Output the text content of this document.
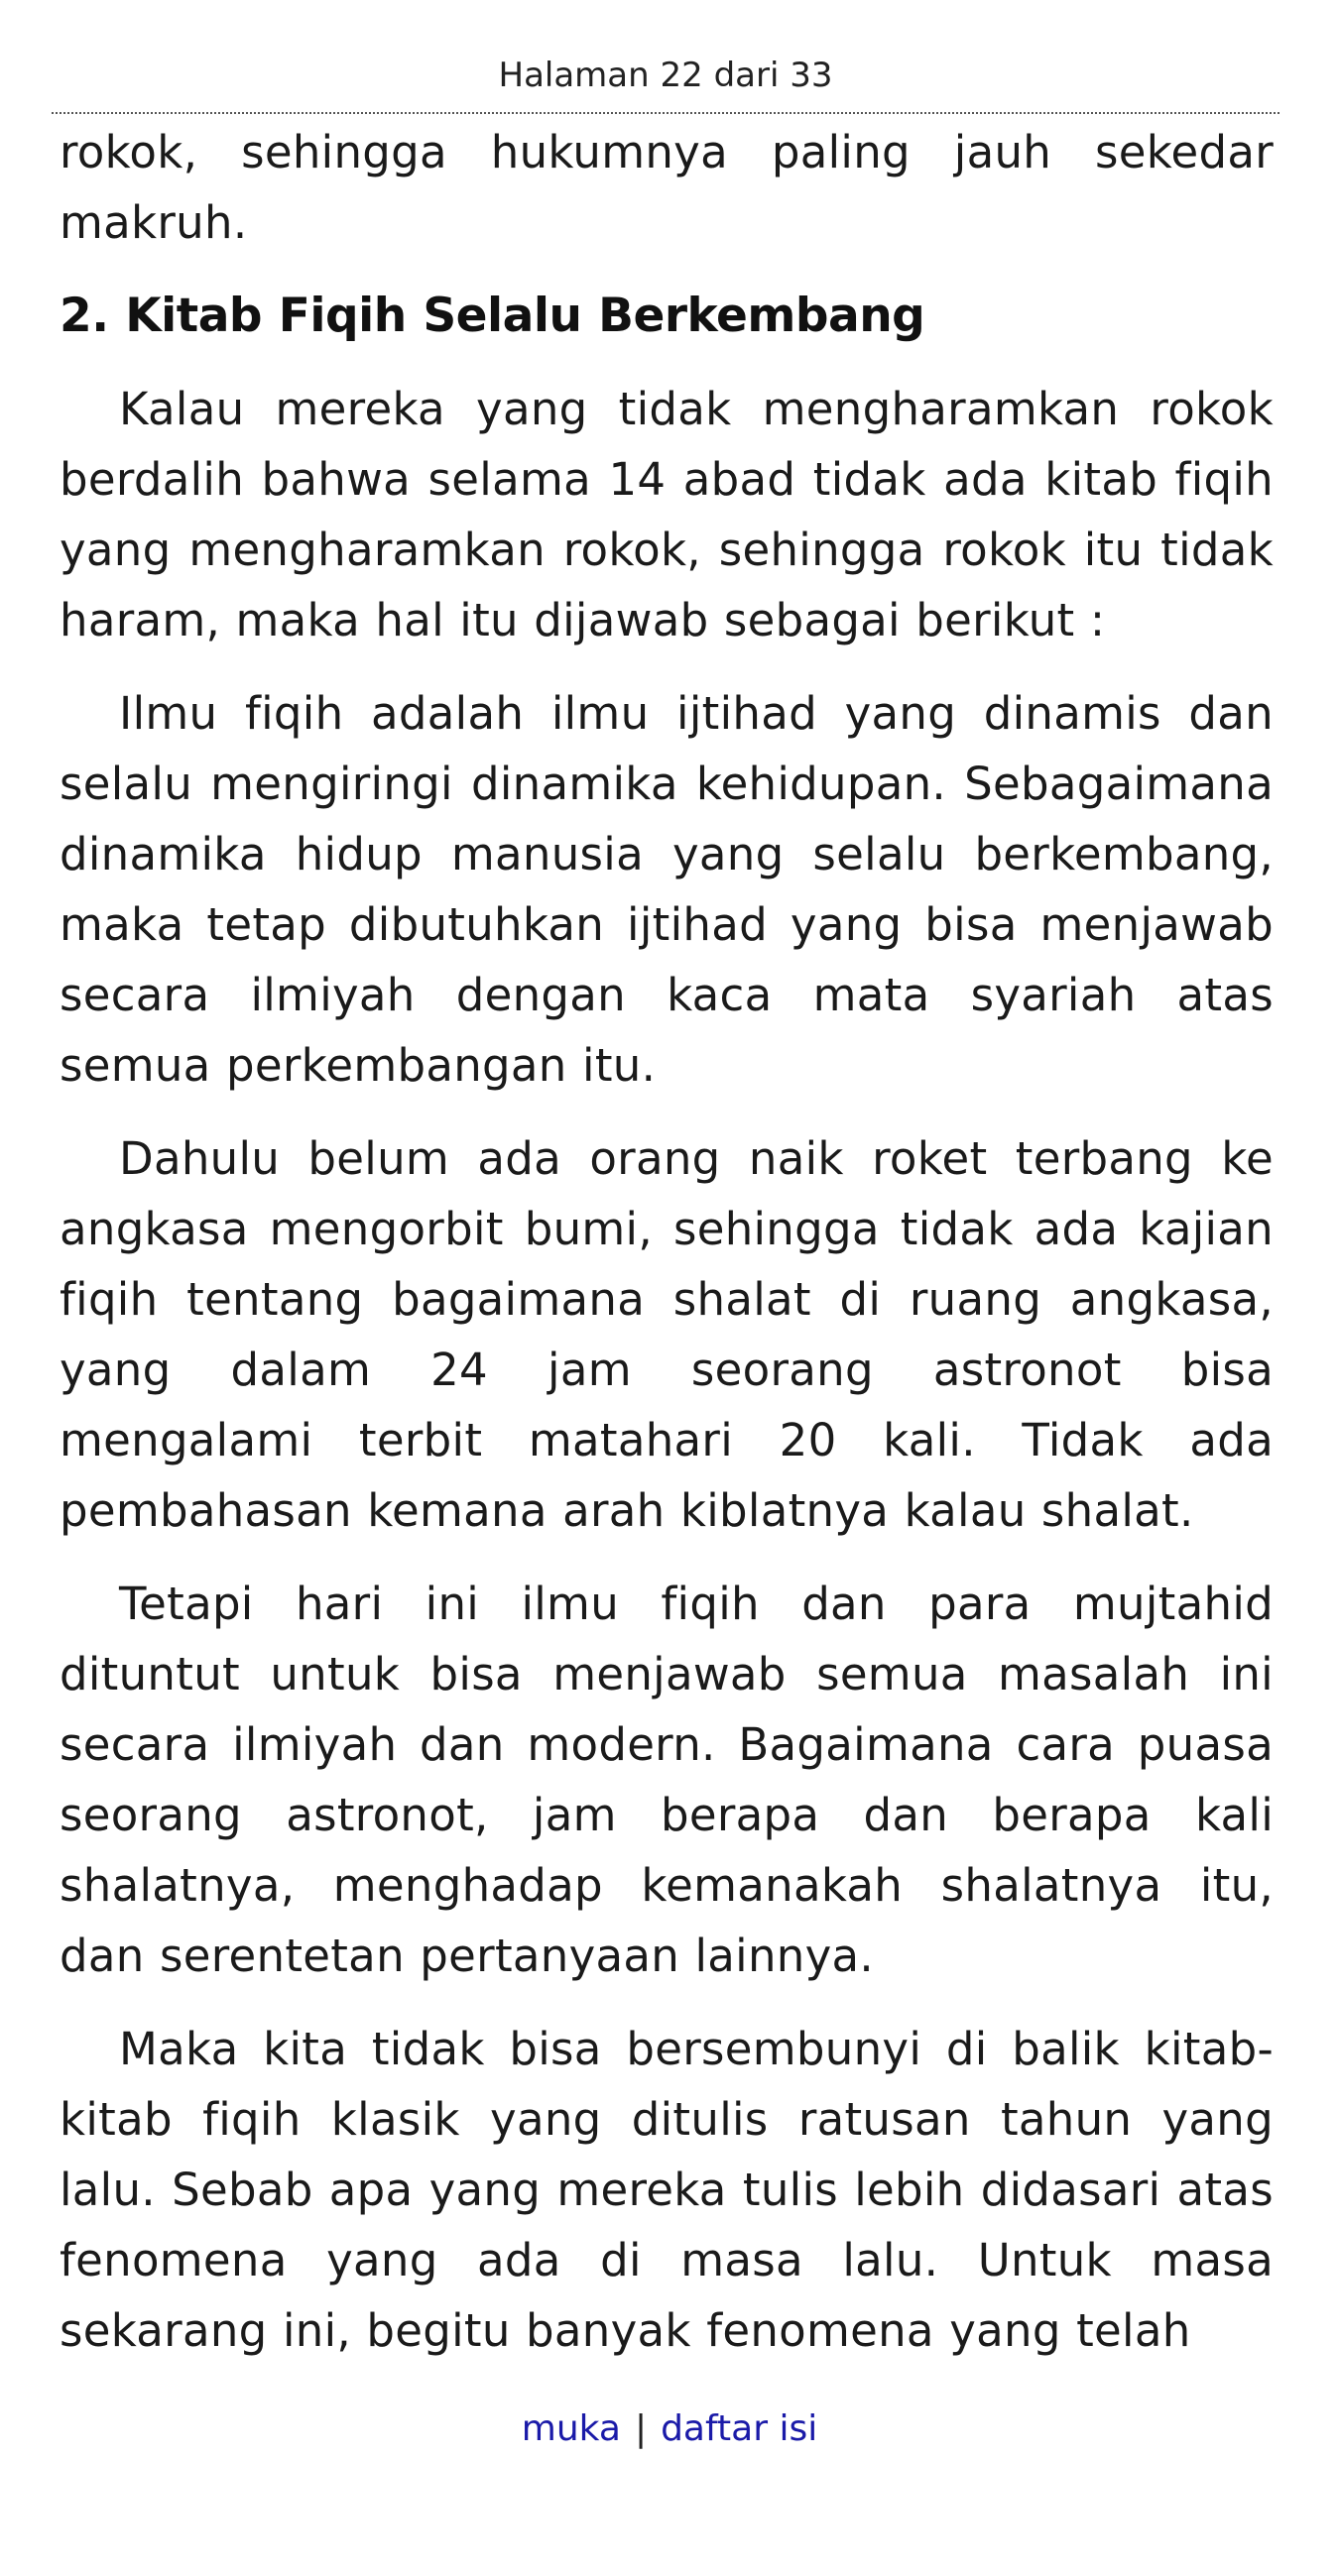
Halaman 22 dari 33

rokok, sehingga hukumnya paling jauh sekedar makruh.

2. Kitab Fiqih Selalu Berkembang

Kalau mereka yang tidak mengharamkan rokok berdalih bahwa selama 14 abad tidak ada kitab fiqih yang mengharamkan rokok, sehingga rokok itu tidak haram, maka hal itu dijawab sebagai berikut :

Ilmu fiqih adalah ilmu ijtihad yang dinamis dan selalu mengiringi dinamika kehidupan. Sebagaimana dinamika hidup manusia yang selalu berkembang, maka tetap dibutuhkan ijtihad yang bisa menjawab secara ilmiyah dengan kaca mata syariah atas semua perkembangan itu.

Dahulu belum ada orang naik roket terbang ke angkasa mengorbit bumi, sehingga tidak ada kajian fiqih tentang bagaimana shalat di ruang angkasa, yang dalam 24 jam seorang astronot bisa mengalami terbit matahari 20 kali. Tidak ada pembahasan kemana arah kiblatnya kalau shalat.

Tetapi hari ini ilmu fiqih dan para mujtahid dituntut untuk bisa menjawab semua masalah ini secara ilmiyah dan modern. Bagaimana cara puasa seorang astronot, jam berapa dan berapa kali shalatnya, menghadap kemanakah shalatnya itu, dan serentetan pertanyaan lainnya.

Maka kita tidak bisa bersembunyi di balik kitab-kitab fiqih klasik yang ditulis ratusan tahun yang lalu. Sebab apa yang mereka tulis lebih didasari atas fenomena yang ada di masa lalu. Untuk masa sekarang ini, begitu banyak fenomena yang telah

muka | daftar isi
